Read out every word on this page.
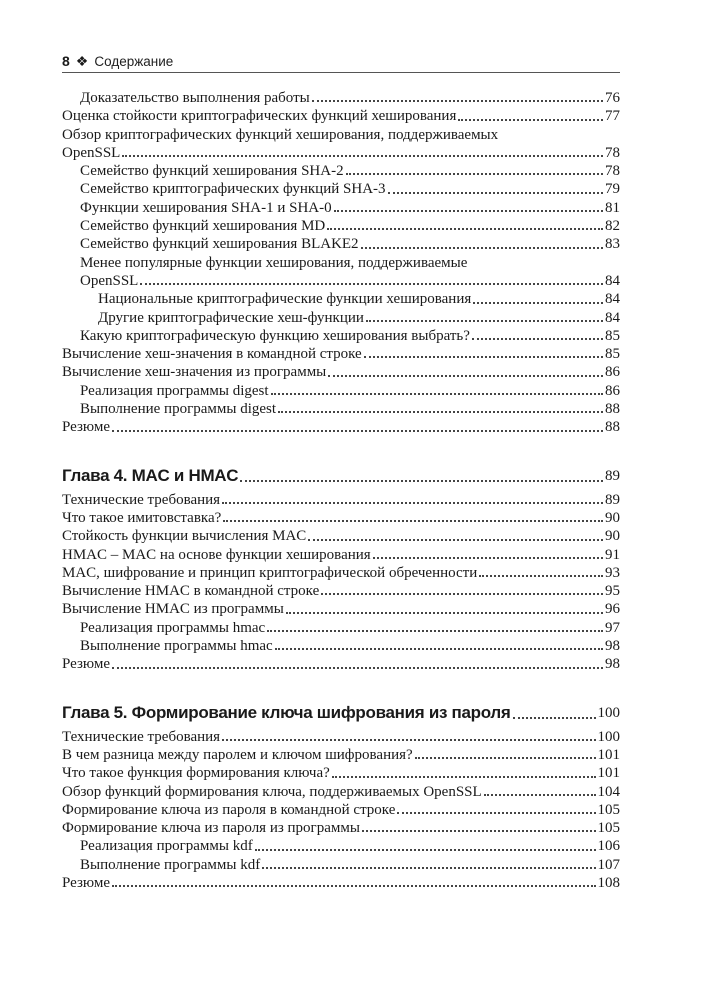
8 ❖ Содержание
Доказательство выполнения работы	76
Оценка стойкости криптографических функций хеширования	77
Обзор криптографических функций хеширования, поддерживаемых
OpenSSL	78
Семейство функций хеширования SHA-2	78
Семейство криптографических функций SHA-3	79
Функции хеширования SHA-1 и SHA-0	81
Семейство функций хеширования MD	82
Семейство функций хеширования BLAKE2	83
Менее популярные функции хеширования, поддерживаемые
OpenSSL	84
Национальные криптографические функции хеширования	84
Другие криптографические хеш-функции	84
Какую криптографическую функцию хеширования выбрать?	85
Вычисление хеш-значения в командной строке	85
Вычисление хеш-значения из программы	86
Реализация программы digest	86
Выполнение программы digest	88
Резюме	88
Глава 4. MAC и HMAC	89
Технические требования	89
Что такое имитовставка?	90
Стойкость функции вычисления MAC	90
HMAC – MAC на основе функции хеширования	91
MAC, шифрование и принцип криптографической обреченности	93
Вычисление HMAC в командной строке	95
Вычисление HMAC из программы	96
Реализация программы hmac	97
Выполнение программы hmac	98
Резюме	98
Глава 5. Формирование ключа шифрования из пароля	100
Технические требования	100
В чем разница между паролем и ключом шифрования?	101
Что такое функция формирования ключа?	101
Обзор функций формирования ключа, поддерживаемых OpenSSL	104
Формирование ключа из пароля в командной строке	105
Формирование ключа из пароля из программы	105
Реализация программы kdf	106
Выполнение программы kdf	107
Резюме	108
